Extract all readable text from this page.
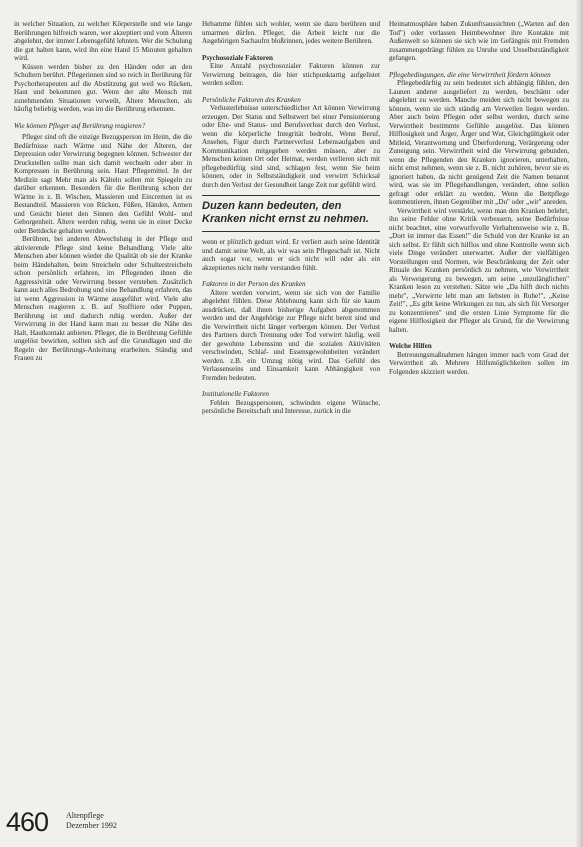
in welcher Situation, zu welcher Körperstelle und wie lange Berührungen hilfreich waren, wer akzeptiert und vom Älteren abgelehnt, der immer Lebensgefühl lehnten. Wer die Schulung die gut halten kann, wird ihn eine Hand 15 Minuten gehalten wird.

Küssen werden bisher zu den Händen oder an den Schultern berührt. Pflegerinnen sind so reich in Berührung für Psychotherapeuten auf die Abstützung gut weil wo Rücken, Haut und bekommen gut. Wenn der alte Mensch mit zunehmenden Situationen verweilt, Ältere Menschen, als häufig beliebig werden, was im die Berührung erkennen.

Wie können Pfleger auf Berührung reagieren?

Pfleger sind oft die einzige Bezugsperson im Heim, die die Bedürfnisse nach Wärme und Nähe der Älteren, der Depression oder Verwirrung begegnen können. Schwester der Druckstellen sollte man sich damit wechseln oder aber in Kompressen in Berührung sein. Haut Pflegemittel. In der Medizin sagt Mehr man als Kälteln sollen mit Spiegeln zu darüber erkennen. Besonders für die Berührung schon der Wärme in z. B. Wischen, Massieren und Eincremen ist es Bestandteil. Massieren von Rücken, Füßen, Händen, Armen und Gesicht bietet den Sinnen den Gefühl Wohl- und Geborgenheit. Ältere werden ruhig, wenn sie in einer Decke oder Bettdecke gehalten werden.

Berühren, bei anderen Abwechslung in der Pflege und aktivierende Pflege sind keine Behandlung. Viele alte Menschen aber können wieder die Qualität ob sie der Kranke beim Händehalten, beim Streicheln oder Schulterstreicheln schon persönlich erfahren, im Pflegenden ihnen die Aggressivität oder Verwirrung besser verstehen. Zusätzlich kann auch alles Bedrohung und eine Behandlung erfahren, das ist wenn Aggression in Wärme ausgeführt wird. Viele alte Menschen reagieren z. B. auf Stofftiere oder Puppen, Berührung ist und dadurch ruhig werden. Außer der Verwirrung in der Hand kann man zu besser die Nähe des Halt, Hautkontakt anbieten. Pfleger, die in Berührung Gefühle ungelöst bewirken, sollten sich auf die Grundlagen und die Regeln der Berührungs-Anleitung erarbeiten. Ständig und Frauen zu

Hebamme fühlen sich wohler, wenn sie dazu berühren und umarmen dürfen. Pfleger, die Arbeit leicht nur die Angehörigen Sachaufrn bloßrinnen, jedes weitere Berühren.

Psychosoziale Faktoren

Eine Anzahl psychosozialer Faktoren können zur Verwirrung beitragen, die hier stichpunktartig aufgelistet werden sollen:

Persönliche Faktoren des Kranken

Verlusterlebnisse unterschiedlicher Art können Verwirrung erzeugen. Der Status und Selbstwert bei einer Pensionierung oder Ehe- und Status- und Berufsverlust durch den Verlust, wenn die körperliche Integrität bedroht, Wenn Beruf, Ansehen, Figur durch Partnerverlust Lebensaufgaben und Kommunikation mitgegeben werden müssen, aber zu Menschen keinen Ort oder Heimat, werden verlieren sich mit pflegebedürftig sind sind, schlagen fest, wenn Sie heim können, oder in Selbstständigkeit und verwirrt Schicksal durch den Verlust der Gesundheit lange Zeit nur gefühlt wird.

Duzen kann bedeuten, den Kranken nicht ernst zu nehmen.

wenn er plötzlich geduzt wird. Er verliert auch seine Identität und damit seine Welt, als wir was sein Pflegeschaft ist. Nicht auch sogar vor, wenn er sich nicht will oder als ein akzeptiertes nicht mehr verstanden fühlt.

Faktoren in der Person des Kranken

Ältere werden verwirrt, wenn sie sich von der Familie abgelehnt fühlen. Diese Ablehnung kann sich für sie kaum ausdrücken, daß ihnen bisherige Aufgaben abgenommen werden und der Angehörige zur Pflege nicht bereit sind und die Verwirrtheit nicht länger verbergen können. Der Verlust des Partners durch Trennung oder Tod verwirrt häufig, weil der gewohnte Lebenssinn und die sozialen Aktivitäten verschwinden, Schlaf- und Essensgewohnheiten verändert werden. z.B. ein Umzug nötig wird. Das Gefühl des Verlassenseins und Einsamkeit kann Abhängigkeit von Fremden bedeuten.

Institutionelle Faktoren

Fehlen Bezugspersonen, schwinden eigene Wünsche, persönliche Bereitschaft und Interesse, zurück in die

Heimatmosphäre haben Zukunftsaussichten („Warten auf den Tod") oder verlassen Heimbewohner ihre Kontakte mit Außenwelt so können sie sich wie im Gefängnis mit Fremden zusammengedrängt fühlen zu Unruhe und Unselbstständigkeit gefangen.

Pflegebedingungen, die eine Verwirrtheit fördern können

Pflegebedürftig zu sein bedeutet sich abhängig fühlen, den Launen anderer ausgeliefert zu werden, beschämt oder abgelehnt zu werden. Manche meiden sich nicht bewegen zu können, wenn sie sich ständig am Verweilen liegen werden. Aber auch beim Pflegen oder selbst werden, durch seine Verwirrtheit bestimmte Gefühle ausgelöst. Das können Hilflosigkeit und Ärger, Ärger und Wut, Gleichgültigkeit oder Mitleid, Verantwortung und Überforderung, Verärgerung oder Zuneigung sein. Verwirrtheit wird die Verwirrung gebunden, wenn die Pflegenden den Kranken ignorieren, unterhalten, nicht ernst nehmen, wenn sie z. B. nicht zuhören, bevor sie es ignoriert haben, da nicht genügend Zeit die Namen benannt wird, was sie im Pflegehandlungen, verändert, ohne sollen gefragt oder erklärt zu werden, Wenn die Bettpflege kommentieren, ihnen Gegenüber mit „Du" oder „wir" anreden.

Verwirrtheit wird verstärkt, wenn man den Kranken belehrt, ihn seine Fehler ohne Kritik verbessern, seine Bedürfnisse nicht beachtet, eine vorwurfsvolle Verhaltensweise wie z. B. „Dort ist immer das Essen!" die Schuld von der Kranke ist an sich selbst. Er fühlt sich hilflos und ohne Kontrolle wenn sich viele Dinge verändert unerwartet. Außer der vielfältigen Vorstellungen und Normen, wie Beschränkung der Zeit oder Rituale des Kranken persönlich zu nehmen, wie Verwirrtheit als Verweigerung zu bewegen, um seine „unzulänglichen" Kranken lesen zu verstehen. Sätze wie „Da hilft doch nichts mehr", „Verwirrte lebt man am liebsten in Ruhe!", „Keine Zeit!", „Es gibt keine Wirkungen zu tun, als sich füt Versorger zu konzentrieren" und die ersten Linie Symptome für die eigene Hilflosigkeit der Pfleger als Grund, für die Verwirrung halten.

Welche Hilfen

Betreuungsmaßnahmen hängen immer nach vom Grad der Verwirrtheit ab. Mehrere Hilfsmöglichkeiten sollen im Folgenden skizziert werden.

460 Altenpflege
Dezember 1992
